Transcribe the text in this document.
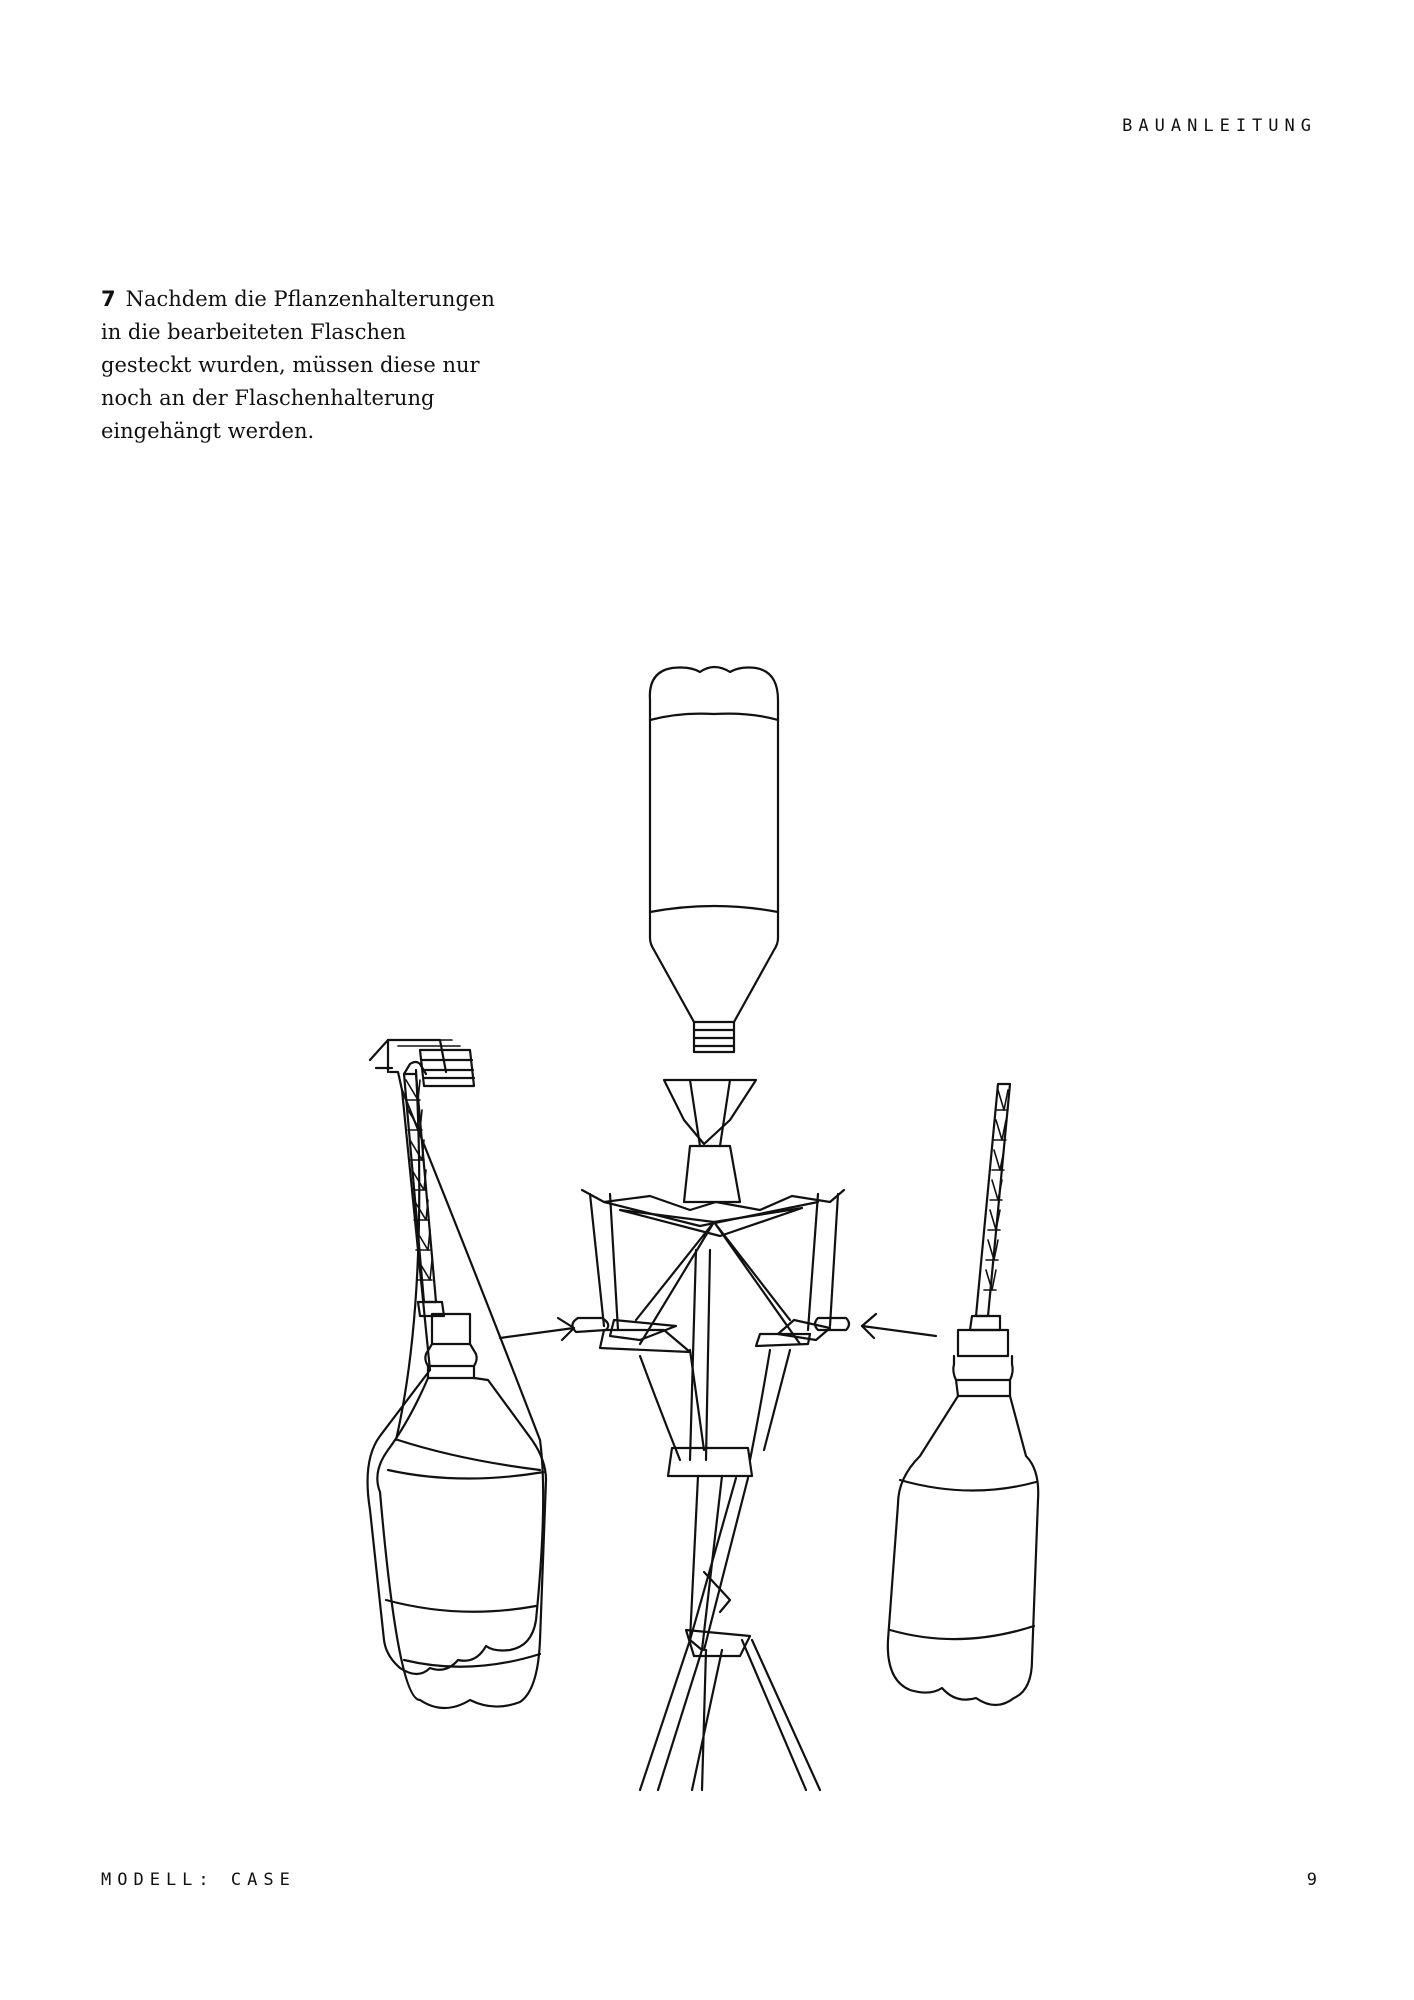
BAUANLEITUNG
7 Nachdem die Pflanzenhalterungen in die bearbeiteten Flaschen gesteckt wurden, müssen diese nur noch an der Flaschenhalterung eingehängt werden.
MODELL: CASE	9
